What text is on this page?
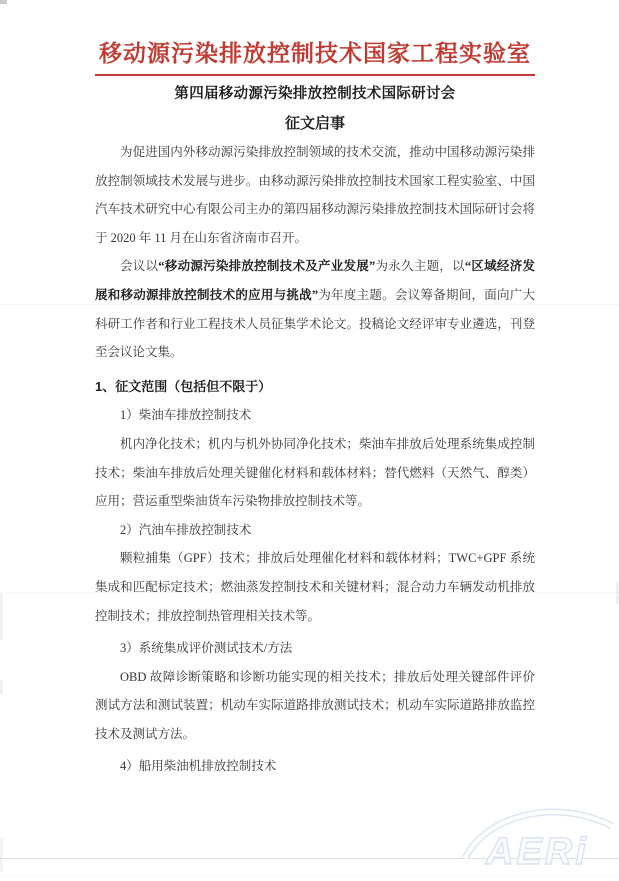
移动源污染排放控制技术国家工程实验室
第四届移动源污染排放控制技术国际研讨会
征文启事

为促进国内外移动源污染排放控制领域的技术交流，推动中国移动源污染排放控制领域技术发展与进步。由移动源污染排放控制技术国家工程实验室、中国汽车技术研究中心有限公司主办的第四届移动源污染排放控制技术国际研讨会将于 2020 年 11 月在山东省济南市召开。

会议以“移动源污染排放控制技术及产业发展”为永久主题，以“区域经济发展和移动源排放控制技术的应用与挑战”为年度主题。会议筹备期间，面向广大科研工作者和行业工程技术人员征集学术论文。投稿论文经评审专业遴选，刊登至会议论文集。

1、征文范围（包括但不限于）

1）柴油车排放控制技术

机内净化技术；机内与机外协同净化技术；柴油车排放后处理系统集成控制技术；柴油车排放后处理关键催化材料和载体材料；替代燃料（天然气、醇类）应用；营运重型柴油货车污染物排放控制技术等。

2）汽油车排放控制技术

颗粒捕集（GPF）技术；排放后处理催化材料和载体材料；TWC+GPF 系统集成和匹配标定技术；燃油蒸发控制技术和关键材料；混合动力车辆发动机排放控制技术；排放控制热管理相关技术等。

3）系统集成评价测试技术/方法

OBD 故障诊断策略和诊断功能实现的相关技术；排放后处理关键部件评价测试方法和测试装置；机动车实际道路排放测试技术；机动车实际道路排放监控技术及测试方法。

4）船用柴油机排放控制技术

AERi
